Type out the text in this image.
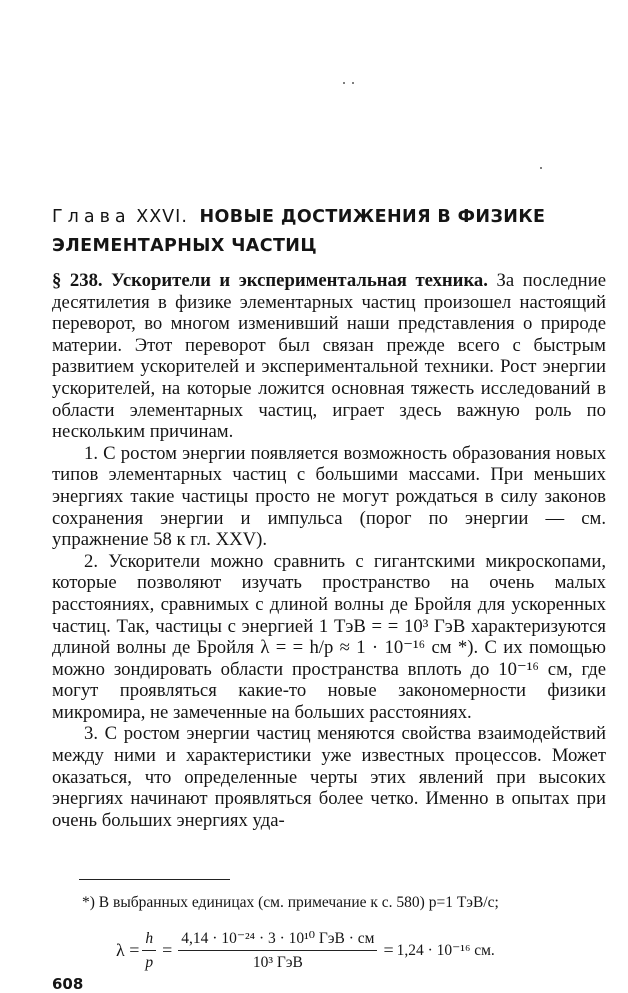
Глава XXVI. НОВЫЕ ДОСТИЖЕНИЯ В ФИЗИКЕ
ЭЛЕМЕНТАРНЫХ ЧАСТИЦ

§ 238. Ускорители и экспериментальная техника. За последние десятилетия в физике элементарных частиц произошел настоящий переворот, во многом изменивший наши представления о природе материи. Этот переворот был связан прежде всего с быстрым развитием ускорителей и экспериментальной техники. Рост энергии ускорителей, на которые ложится основная тяжесть исследований в области элементарных частиц, играет здесь важную роль по нескольким причинам.

1. С ростом энергии появляется возможность образования новых типов элементарных частиц с большими массами. При меньших энергиях такие частицы просто не могут рождаться в силу законов сохранения энергии и импульса (порог по энергии — см. упражнение 58 к гл. XXV).

2. Ускорители можно сравнить с гигантскими микроскопами, которые позволяют изучать пространство на очень малых расстояниях, сравнимых с длиной волны де Бройля для ускоренных частиц. Так, частицы с энергией 1 ТэВ = = 10³ ГэВ характеризуются длиной волны де Бройля λ = = h/p ≈ 1 · 10⁻¹⁶ см *). С их помощью можно зондировать области пространства вплоть до 10⁻¹⁶ см, где могут проявляться какие-то новые закономерности физики микромира, не замеченные на больших расстояниях.

3. С ростом энергии частиц меняются свойства взаимодействий между ними и характеристики уже известных процессов. Может оказаться, что определенные черты этих явлений при высоких энергиях начинают проявляться более четко. Именно в опытах при очень больших энергиях уда-

*) В выбранных единицах (см. примечание к с. 580) p=1 ТэВ/c;

$\lambda = \frac{h}{p} = \frac{\text{4,14 · 10⁻²⁴ · 3 · 10¹⁰ ГэВ · см}}{\text{10³ ГэВ}} = 1,24 \cdot 10^{-16}$ см.
608
